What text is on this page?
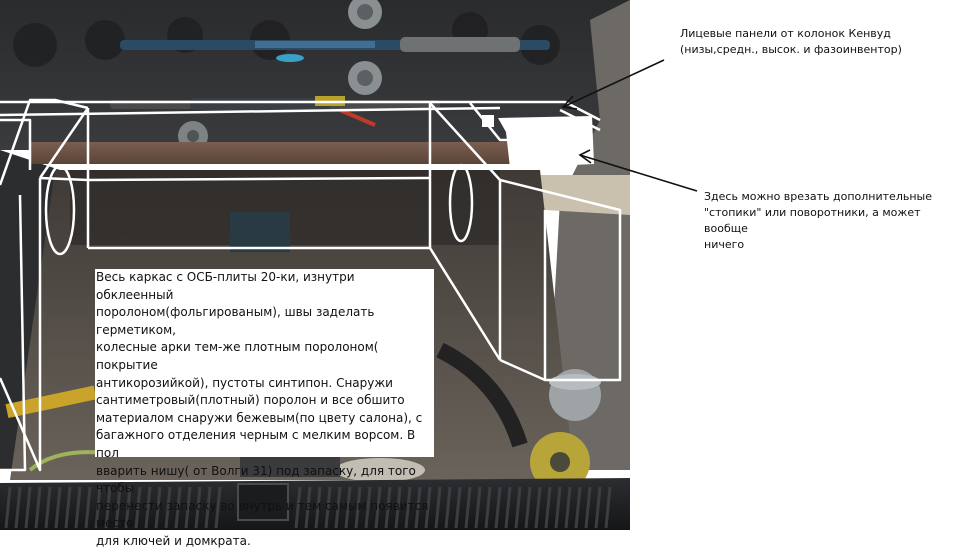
Лицевые панели от колонок Кенвуд
(низы,средн., высок. и фазоинвентор)
Здесь можно врезать дополнительные
"стопики" или поворотники, а может вообще
ничего
Весь каркас с ОСБ-плиты 20-ки, изнутри обклеенный
поролоном(фольгированым), швы заделать герметиком,
колесные арки тем-же плотным поролоном( покрытие
антикорозийкой), пустоты синтипон. Снаружи
сантиметровый(плотный) поролон и все обшито
материалом снаружи бежевым(по цвету салона), с
багажного отделения черным с мелким ворсом. В пол
вварить нишу( от Волги 31) под запаску, для того чтобы
перенести запаску во внутрь и тем самым появится место
для ключей и домкрата.
